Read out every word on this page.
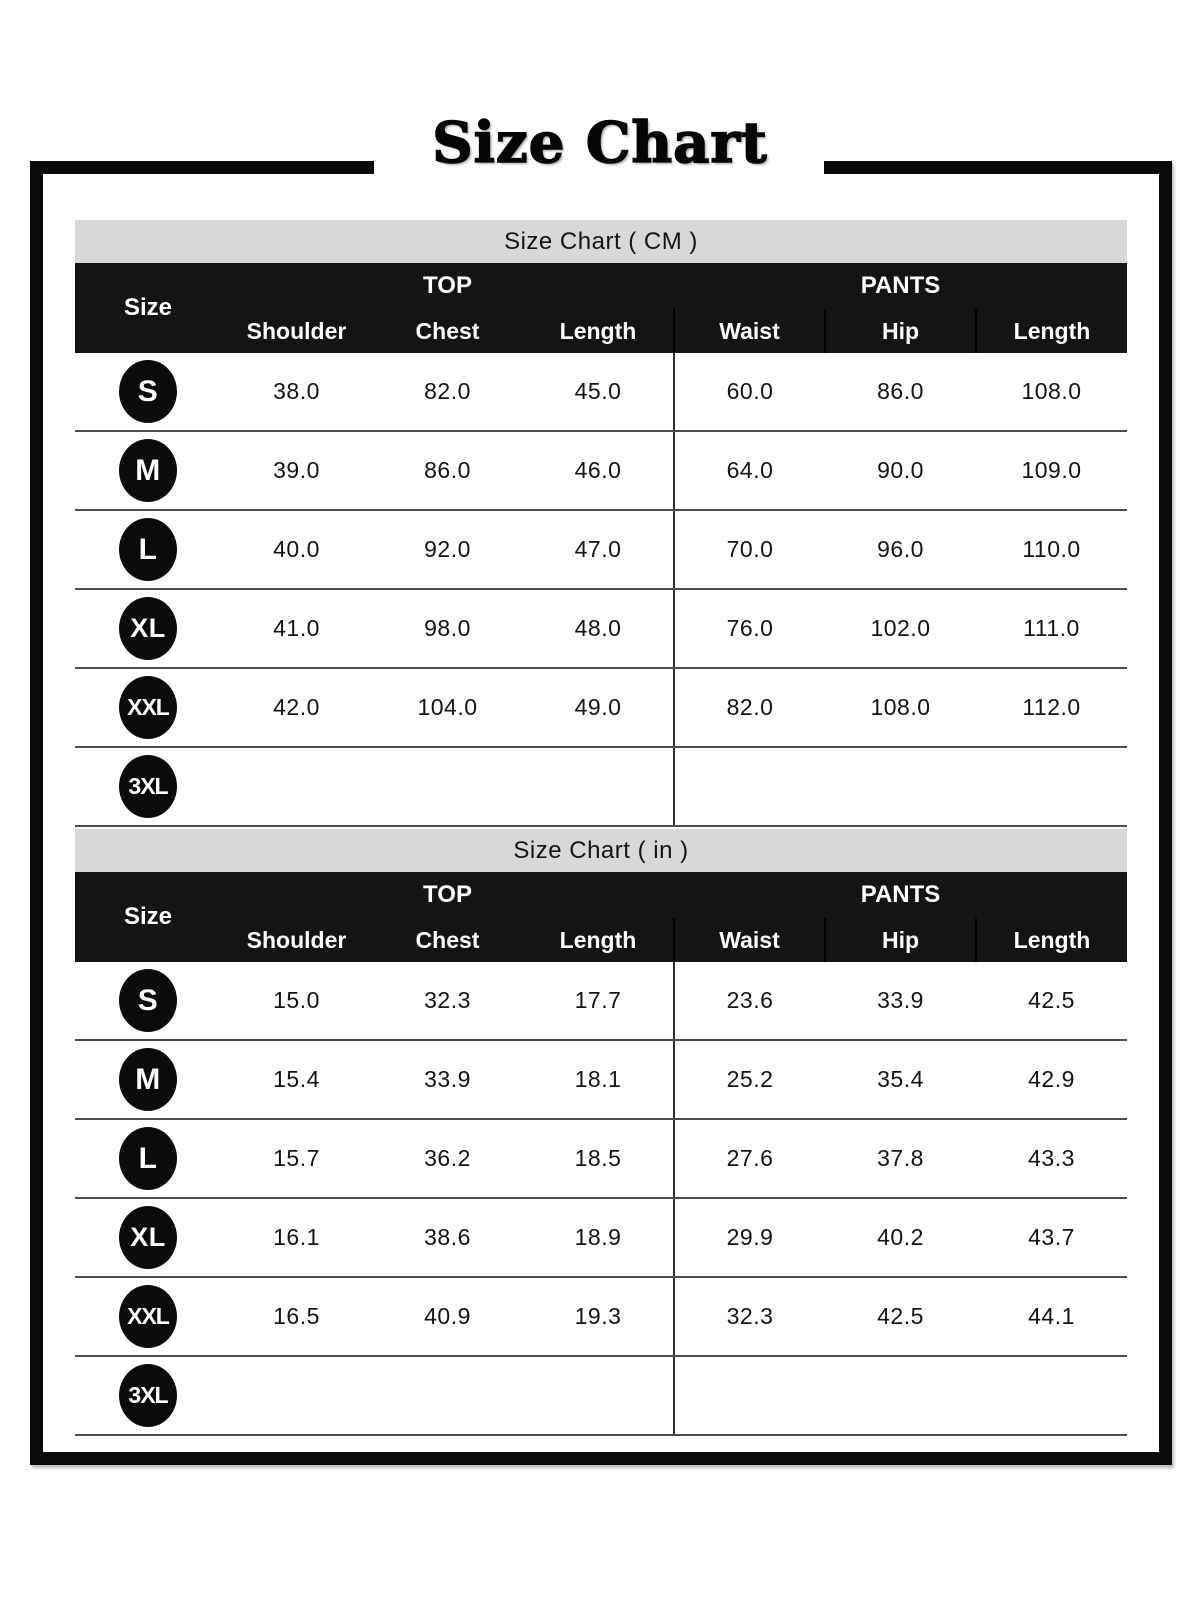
Size Chart
Size Chart ( CM )						
Size	TOP			PANTS		
	Shoulder	Chest	Length	Waist	Hip	Length
S	38.0	82.0	45.0	60.0	86.0	108.0
M	39.0	86.0	46.0	64.0	90.0	109.0
L	40.0	92.0	47.0	70.0	96.0	110.0
XL	41.0	98.0	48.0	76.0	102.0	111.0
XXL	42.0	104.0	49.0	82.0	108.0	112.0
3XL						
Size Chart ( in )						
Size	TOP			PANTS		
	Shoulder	Chest	Length	Waist	Hip	Length
S	15.0	32.3	17.7	23.6	33.9	42.5
M	15.4	33.9	18.1	25.2	35.4	42.9
L	15.7	36.2	18.5	27.6	37.8	43.3
XL	16.1	38.6	18.9	29.9	40.2	43.7
XXL	16.5	40.9	19.3	32.3	42.5	44.1
3XL						
